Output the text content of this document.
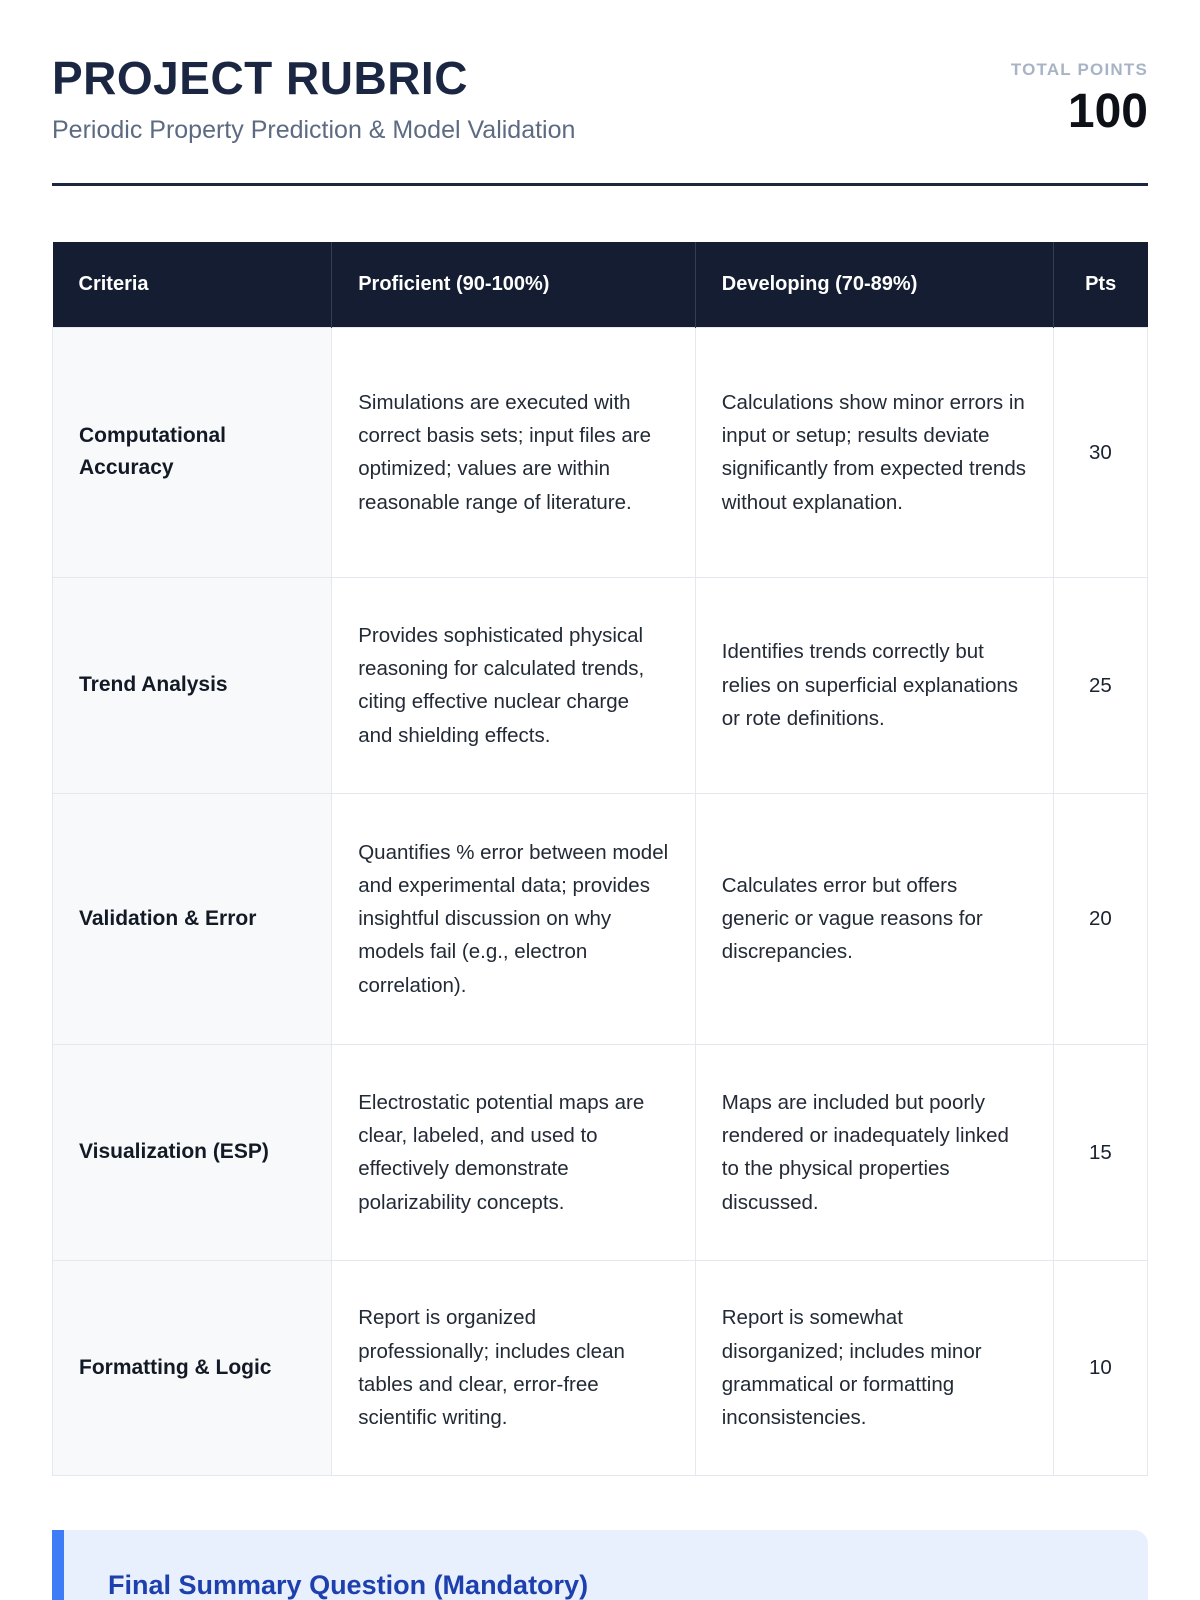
PROJECT RUBRIC

Periodic Property Prediction & Model Validation

TOTAL POINTS
100
Criteria	Proficient (90-100%)	Developing (70-89%)	Pts
Computational Accuracy	Simulations are executed with correct basis sets; input files are optimized; values are within reasonable range of literature.	Calculations show minor errors in input or setup; results deviate significantly from expected trends without explanation.	30
Trend Analysis	Provides sophisticated physical reasoning for calculated trends, citing effective nuclear charge and shielding effects.	Identifies trends correctly but relies on superficial explanations or rote definitions.	25
Validation & Error	Quantifies % error between model and experimental data; provides insightful discussion on why models fail (e.g., electron correlation).	Calculates error but offers generic or vague reasons for discrepancies.	20
Visualization (ESP)	Electrostatic potential maps are clear, labeled, and used to effectively demonstrate polarizability concepts.	Maps are included but poorly rendered or inadequately linked to the physical properties discussed.	15
Formatting & Logic	Report is organized professionally; includes clean tables and clear, error-free scientific writing.	Report is somewhat disorganized; includes minor grammatical or formatting inconsistencies.	10
Final Summary Question (Mandatory)
